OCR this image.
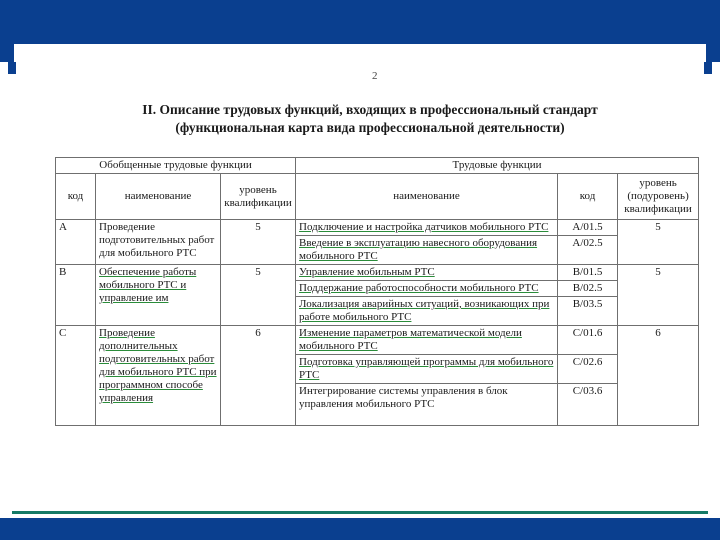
2
II. Описание трудовых функций, входящих в профессиональный стандарт
(функциональная карта вида профессиональной деятельности)
Обобщенные трудовые функции			Трудовые функции		
код	наименование	уровень квалификации	наименование	код	уровень (подуровень) квалификации
А	Проведение подготовительных работ для мобильного РТС	5	Подключение и настройка датчиков мобильного РТС	A/01.5	5
			Введение в эксплуатацию навесного оборудования мобильного РТС	A/02.5	
В	Обеспечение работы мобильного РТС и управление им	5	Управление мобильным РТС	B/01.5	5
			Поддержание работоспособности мобильного РТС	B/02.5	
			Локализация аварийных ситуаций, возникающих при работе мобильного РТС	B/03.5	
С	Проведение дополнительных подготовительных работ для мобильного РТС при программном способе управления	6	Изменение параметров математической модели мобильного РТС	C/01.6	6
			Подготовка управляющей программы для мобильного РТС	C/02.6	
			Интегрирование системы управления в блок управления мобильного РТС	C/03.6	
